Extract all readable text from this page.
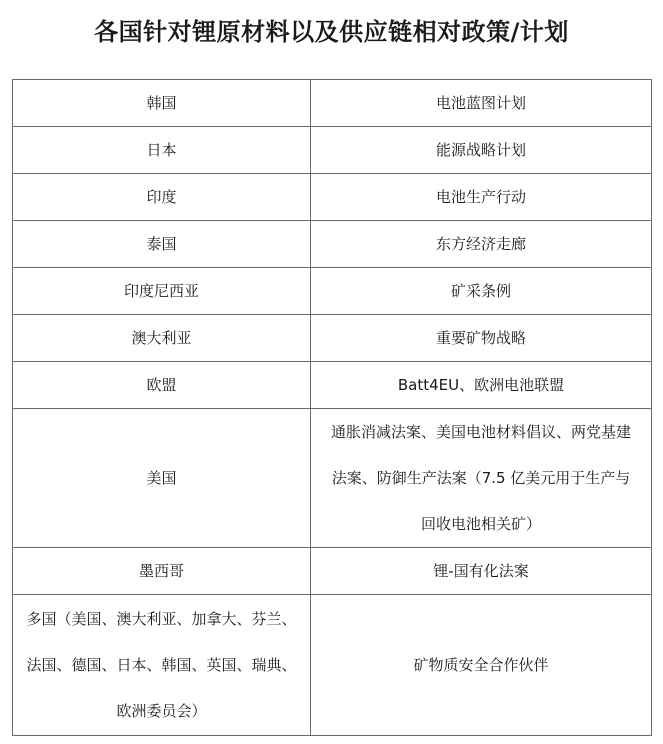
各国针对锂原材料以及供应链相对政策/计划
韩国	电池蓝图计划
日本	能源战略计划
印度	电池生产行动
泰国	东方经济走廊
印度尼西亚	矿采条例
澳大利亚	重要矿物战略
欧盟	Batt4EU、欧洲电池联盟
美国	通胀消减法案、美国电池材料倡议、两党基建
法案、防御生产法案（7.5 亿美元用于生产与
回收电池相关矿）
墨西哥	锂-国有化法案
多国（美国、澳大利亚、加拿大、芬兰、
法国、德国、日本、韩国、英国、瑞典、
欧洲委员会）	矿物质安全合作伙伴
